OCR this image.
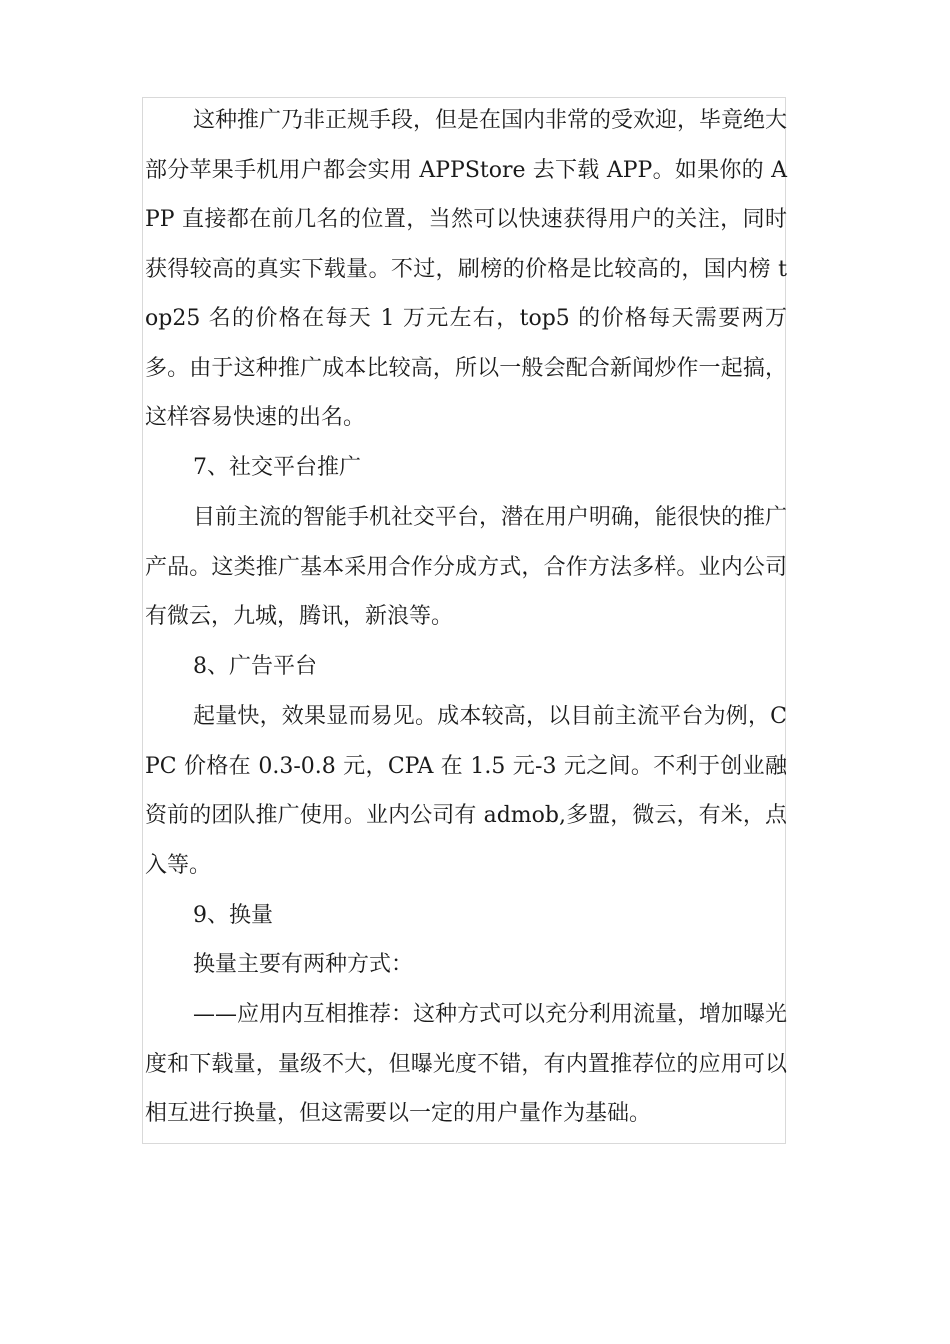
这种推广乃非正规手段，但是在国内非常的受欢迎，毕竟绝大部分苹果手机用户都会实用 APPStore 去下载 APP。如果你的 APP 直接都在前几名的位置，当然可以快速获得用户的关注，同时获得较高的真实下载量。不过，刷榜的价格是比较高的，国内榜 top25 名的价格在每天 1 万元左右，top5 的价格每天需要两万多。由于这种推广成本比较高，所以一般会配合新闻炒作一起搞，这样容易快速的出名。

7、社交平台推广

目前主流的智能手机社交平台，潜在用户明确，能很快的推广产品。这类推广基本采用合作分成方式，合作方法多样。业内公司有微云，九城，腾讯，新浪等。

8、广告平台

起量快，效果显而易见。成本较高，以目前主流平台为例，CPC 价格在 0.3-0.8 元，CPA 在 1.5 元-3 元之间。不利于创业融资前的团队推广使用。业内公司有 admob,多盟，微云，有米，点入等。

9、换量

换量主要有两种方式：

——应用内互相推荐：这种方式可以充分利用流量，增加曝光度和下载量，量级不大，但曝光度不错，有内置推荐位的应用可以相互进行换量，但这需要以一定的用户量作为基础。
